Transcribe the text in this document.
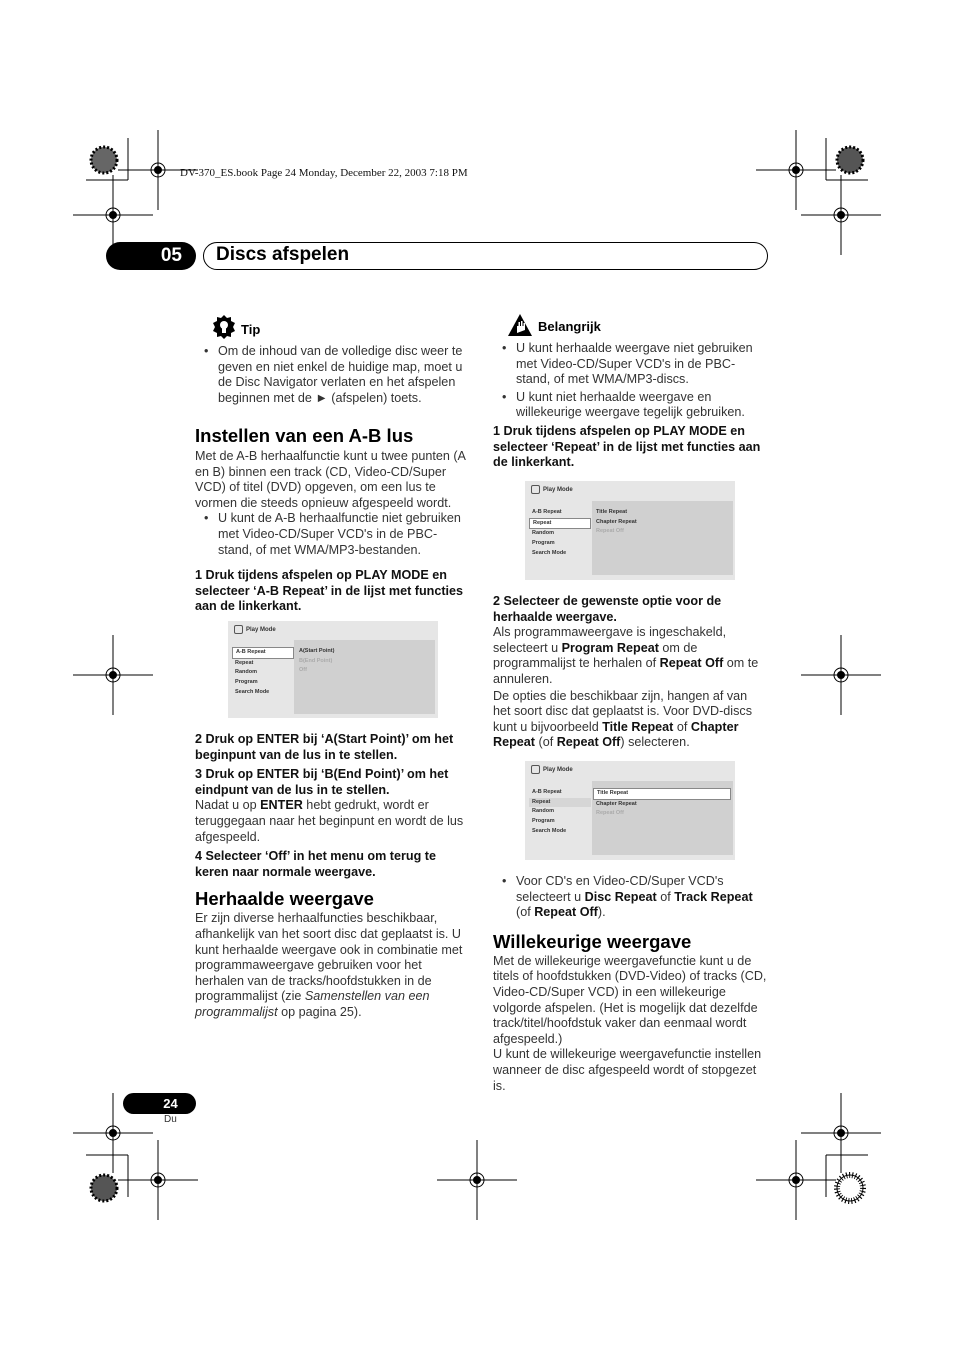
DV-370_ES.book Page 24 Monday, December 22, 2003 7:18 PM
05	Discs afspelen
Tip

• Om de inhoud van de volledige disc weer te geven en niet enkel de huidige map, moet u de Disc Navigator verlaten en het afspelen beginnen met de ► (afspelen) toets.

Instellen van een A-B lus

Met de A-B herhaalfunctie kunt u twee punten (A en B) binnen een track (CD, Video-CD/Super VCD) of titel (DVD) opgeven, om een lus te vormen die steeds opnieuw afgespeeld wordt.

• U kunt de A-B herhaalfunctie niet gebruiken met Video-CD/Super VCD's in de PBC-stand, of met WMA/MP3-bestanden.

1 Druk tijdens afspelen op PLAY MODE en selecteer ‘A-B Repeat’ in de lijst met functies aan de linkerkant.

Play Mode
A-B Repeat
Repeat
Random
Program
Search Mode
A(Start Point)
B(End Point)
Off

2 Druk op ENTER bij ‘A(Start Point)’ om het beginpunt van de lus in te stellen.

3 Druk op ENTER bij ‘B(End Point)’ om het eindpunt van de lus in te stellen.

Nadat u op ENTER hebt gedrukt, wordt er teruggegaan naar het beginpunt en wordt de lus afgespeeld.

4 Selecteer ‘Off’ in het menu om terug te keren naar normale weergave.

Herhaalde weergave

Er zijn diverse herhaalfuncties beschikbaar, afhankelijk van het soort disc dat geplaatst is. U kunt herhaalde weergave ook in combinatie met programmaweergave gebruiken voor het herhalen van de tracks/hoofdstukken in de programmalijst (zie Samenstellen van een programmalijst op pagina 25).

Belangrijk

• U kunt herhaalde weergave niet gebruiken met Video-CD/Super VCD's in de PBC-stand, of met WMA/MP3-discs.

• U kunt niet herhaalde weergave en willekeurige weergave tegelijk gebruiken.

1 Druk tijdens afspelen op PLAY MODE en selecteer ‘Repeat’ in de lijst met functies aan de linkerkant.

Play Mode
A-B Repeat
Repeat
Random
Program
Search Mode
Title Repeat
Chapter Repeat
Repeat Off

2 Selecteer de gewenste optie voor de herhaalde weergave.

Als programmaweergave is ingeschakeld, selecteert u Program Repeat om de programmalijst te herhalen of Repeat Off om te annuleren.

De opties die beschikbaar zijn, hangen af van het soort disc dat geplaatst is. Voor DVD-discs kunt u bijvoorbeeld Title Repeat of Chapter Repeat (of Repeat Off) selecteren.

Play Mode
A-B Repeat
Repeat
Random
Program
Search Mode
Title Repeat
Chapter Repeat
Repeat Off

• Voor CD's en Video-CD/Super VCD's selecteert u Disc Repeat of Track Repeat (of Repeat Off).

Willekeurige weergave

Met de willekeurige weergavefunctie kunt u de titels of hoofdstukken (DVD-Video) of tracks (CD, Video-CD/Super VCD) in een willekeurige volgorde afspelen. (Het is mogelijk dat dezelfde track/titel/hoofdstuk vaker dan eenmaal wordt afgespeeld.)

U kunt de willekeurige weergavefunctie instellen wanneer de disc afgespeeld wordt of stopgezet is.

24
Du
